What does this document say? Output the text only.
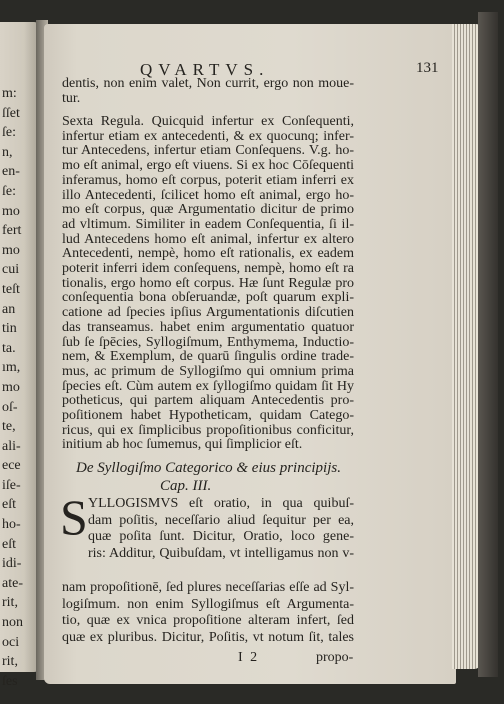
m:
ſſet
ſe:
n,
en-
ſe:
mo
fert
mo
cui
teſt
an
tin
ta.
ım,
mo
oſ-
te,
ali-
ece
iſe-
eſt
ho-
eſt
idi-
ate-
rit,
non
oci
rit,
ſes
QVARTVS.	131

dentis, non enim valet, Non currit, ergo non moue-

tur.

Sexta Regula. Quicquid infertur ex Conſequenti,

infertur etiam ex antecedenti, & ex quocunq; infer-

tur Antecedens, infertur etiam Conſequens. V.g. ho-

mo eſt animal, ergo eſt viuens. Si ex hoc Cōſequenti

inferamus, homo eſt corpus, poterit etiam inferri ex

illo Antecedenti, ſcilicet homo eſt animal, ergo ho-

mo eſt corpus, quæ Argumentatio dicitur de primo

ad vltimum. Similiter in eadem Conſequentia, ſi il-

lud Antecedens homo eſt animal, infertur ex altero

Antecedenti, nempè, homo eſt rationalis, ex eadem

poterit inferri idem conſequens, nempè, homo eſt ra

tionalis, ergo homo eſt corpus. Hæ ſunt Regulæ pro

conſequentia bona obſeruandæ, poſt quarum expli-

catione ad ſpecies ipſius Argumentationis diſcutien

das transeamus. habet enim argumentatio quatuor

ſub ſe ſpēcies, Syllogiſmum, Enthymema, Inductio-

nem, & Exemplum, de quarū ſingulis ordine trade-

mus, ac primum de Syllogiſmo qui omnium prima

ſpecies eſt. Cùm autem ex ſyllogiſmo quidam ſit Hy

potheticus, qui partem aliquam Antecedentis pro-

poſitionem habet Hypotheticam, quidam Catego-

ricus, qui ex ſimplicibus propoſitionibus conficitur,

initium ab hoc ſumemus, qui ſimplicior eſt.

De Syllogiſmo Categorico & eius principijs.
Cap. III.
S YLLOGISMVS eſt oratio, in qua quibuſ-

dam poſitis, neceſſario aliud ſequitur per ea,

quæ poſita ſunt. Dicitur, Oratio, loco gene-

ris: Additur, Quibuſdam, vt intelligamus non v-

nam propoſitionē, ſed plures neceſſarias eſſe ad Syl-

logiſmum. non enim Syllogiſmus eſt Argumenta-

tio, quæ ex vnica propoſitione alteram infert, ſed

quæ ex pluribus. Dicitur, Poſitis, vt notum ſit, tales

I 2	propo-
